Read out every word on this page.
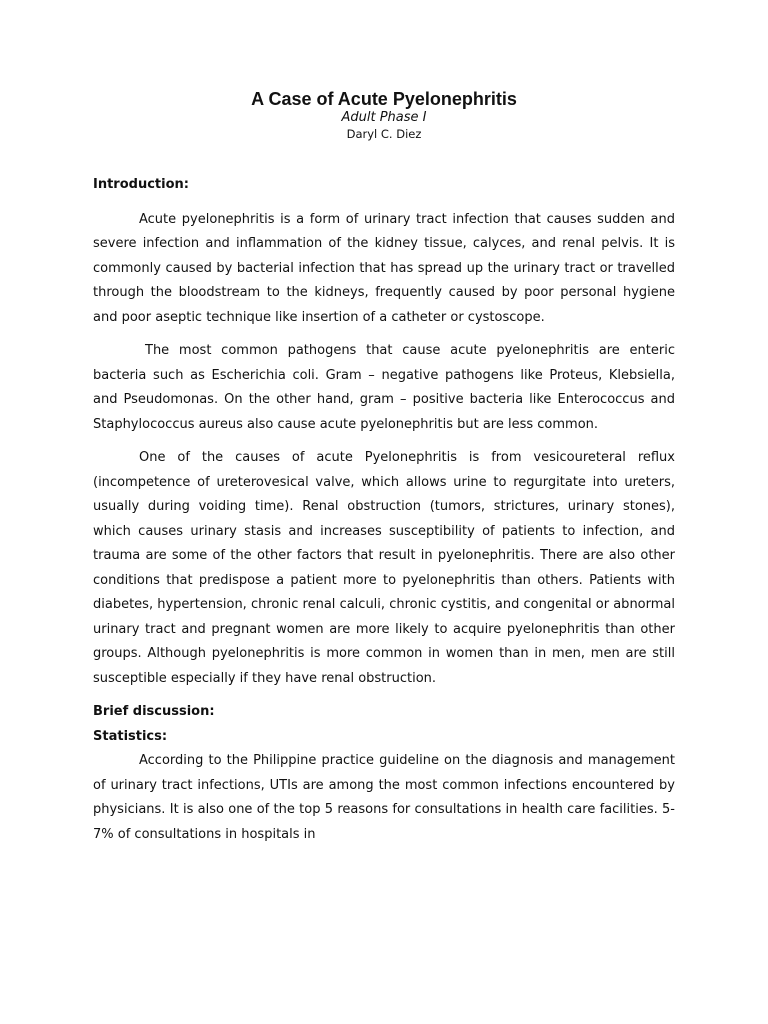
A Case of Acute Pyelonephritis

Adult Phase I

Daryl C. Diez

Introduction:

Acute pyelonephritis is a form of urinary tract infection that causes sudden and severe infection and inflammation of the kidney tissue, calyces, and renal pelvis. It is commonly caused by bacterial infection that has spread up the urinary tract or travelled through the bloodstream to the kidneys, frequently caused by poor personal hygiene and poor aseptic technique like insertion of a catheter or cystoscope.

The most common pathogens that cause acute pyelonephritis are enteric bacteria such as Escherichia coli. Gram – negative pathogens like Proteus, Klebsiella, and Pseudomonas. On the other hand, gram – positive bacteria like Enterococcus and Staphylococcus aureus also cause acute pyelonephritis but are less common.

One of the causes of acute Pyelonephritis is from vesicoureteral reflux (incompetence of ureterovesical valve, which allows urine to regurgitate into ureters, usually during voiding time). Renal obstruction (tumors, strictures, urinary stones), which causes urinary stasis and increases susceptibility of patients to infection, and trauma are some of the other factors that result in pyelonephritis. There are also other conditions that predispose a patient more to pyelonephritis than others. Patients with diabetes, hypertension, chronic renal calculi, chronic cystitis, and congenital or abnormal urinary tract and pregnant women are more likely to acquire pyelonephritis than other groups. Although pyelonephritis is more common in women than in men, men are still susceptible especially if they have renal obstruction.

Brief discussion:

Statistics:

According to the Philippine practice guideline on the diagnosis and management of urinary tract infections, UTIs are among the most common infections encountered by physicians. It is also one of the top 5 reasons for consultations in health care facilities. 5-7% of consultations in hospitals in
